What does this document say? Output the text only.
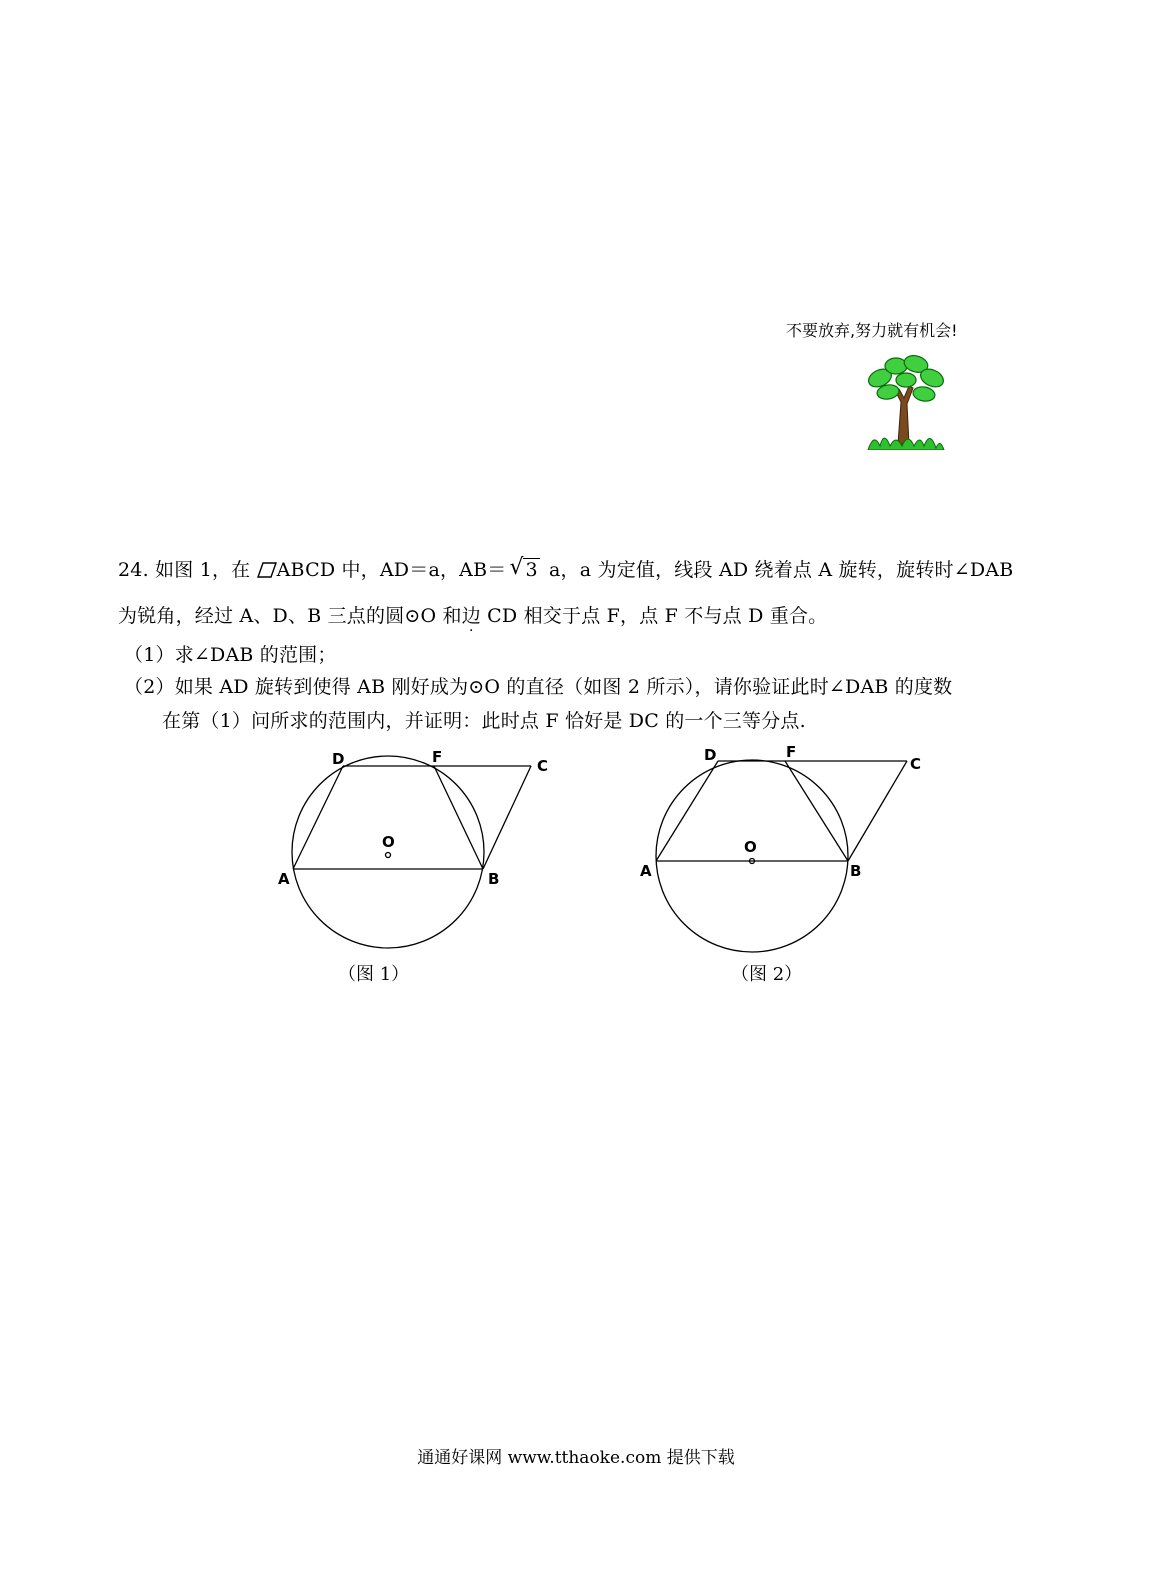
不要放弃,努力就有机会!
24. 如图 1，在 ABCD 中，AD＝a，AB＝ √ 3 a，a 为定值，线段 AD 绕着点 A 旋转，旋转时∠DAB
为锐角，经过 A、D、B 三点的圆⊙O 和边 CD 相交于点 F，点 F 不与点 D 重合。
（1）求∠DAB 的范围；
（2）如果 AD 旋转到使得 AB 刚好成为⊙O 的直径（如图 2 所示），请你验证此时∠DAB 的度数
在第（1）问所求的范围内，并证明：此时点 F 恰好是 DC 的一个三等分点.
A	B
C
D	F
O
（图 1）
A	B
C
D	F
O
（图 2）
通通好课网 www.tthaoke.com 提供下载
